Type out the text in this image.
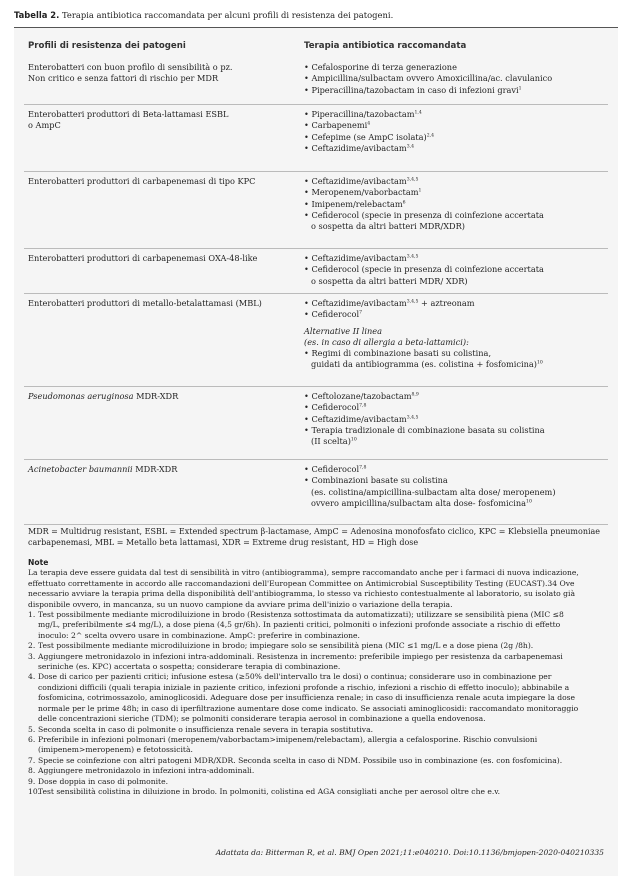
Tabella 2. Terapia antibiotica raccomandata per alcuni profili di resistenza dei patogeni.
Profili di resistenza dei patogeni	Terapia antibiotica raccomandata
Enterobatteri con buon profilo di sensibilità o pz.
Non critico e senza fattori di rischio per MDR
• Cefalosporine di terza generazione
• Ampicillina/sulbactam ovvero Amoxicillina/ac. clavulanico
• Piperacillina/tazobactam in caso di infezioni gravi$^1$
Enterobatteri produttori di Beta-lattamasi ESBL
o AmpC
• Piperacillina/tazobactam$^{1,4}$
• Carbapenemi$^4$
• Cefepime (se AmpC isolata)$^{2,4}$
• Ceftazidime/avibactam$^{3,4}$
Enterobatteri produttori di carbapenemasi di tipo KPC	• Ceftazidime/avibactam$^{3,4,5}$
• Meropenem/vaborbactam$^1$
• Imipenem/relebactam$^6$
• Cefiderocol (specie in presenza di coinfezione accertata
o sospetta da altri batteri MDR/XDR)
Enterobatteri produttori di carbapenemasi OXA-48-like	• Ceftazidime/avibactam$^{3,4,5}$
• Cefiderocol (specie in presenza di coinfezione accertata
o sospetta da altri batteri MDR/ XDR)
Enterobatteri produttori di metallo-betalattamasi (MBL)	• Ceftazidime/avibactam$^{3,4,5}$ + aztreonam
• Cefiderocol$^7$
Alternative II linea
(es. in caso di allergia a beta-lattamici):
• Regimi di combinazione basati su colistina,
guidati da antibiogramma (es. colistina + fosfomicina)$^{10}$
Pseudomonas aeruginosa MDR-XDR	• Ceftolozane/tazobactam$^{8,9}$
• Cefiderocol$^{7,8}$
• Ceftazidime/avibactam$^{3,4,5}$
• Terapia tradizionale di combinazione basata su colistina
(II scelta)$^{10}$
Acinetobacter baumannii MDR-XDR	• Cefiderocol$^{7,8}$
• Combinazioni basate su colistina
(es. colistina/ampicillina-sulbactam alta dose/ meropenem)
ovvero ampicillina/sulbactam alta dose- fosfomicina$^{10}$
MDR = Multidrug resistant, ESBL = Extended spectrum β-lactamase, AmpC = Adenosina monofosfato ciclico, KPC = Klebsiella pneumoniae
carbapenemasi, MBL = Metallo beta lattamasi, XDR = Extreme drug resistant, HD = High dose
Note
La terapia deve essere guidata dal test di sensibilità in vitro (antibiogramma), sempre raccomandato anche per i farmaci di nuova indicazione,
effettuato correttamente in accordo alle raccomandazioni dell'European Committee on Antimicrobial Susceptibility Testing (EUCAST).34 Ove
necessario avviare la terapia prima della disponibilità dell'antibiogramma, lo stesso va richiesto contestualmente al laboratorio, su isolato già
disponibile ovvero, in mancanza, su un nuovo campione da avviare prima dell'inizio o variazione della terapia.
1. Test possibilmente mediante microdiluizione in brodo (Resistenza sottostimata da automatizzati); utilizzare se sensibilità piena (MIC ≤8
mg/L, preferibilmente ≤4 mg/L), a dose piena (4,5 gr/6h). In pazienti critici, polmoniti o infezioni profonde associate a rischio di effetto
inoculo: 2^ scelta ovvero usare in combinazione. AmpC: preferire in combinazione.
2. Test possibilmente mediante microdiluizione in brodo; impiegare solo se sensibilità piena (MIC ≤1 mg/L e a dose piena (2g /8h).
3. Aggiungere metronidazolo in infezioni intra-addominali. Resistenza in incremento: preferibile impiego per resistenza da carbapenemasi
seriniche (es. KPC) accertata o sospetta; considerare terapia di combinazione.
4. Dose di carico per pazienti critici; infusione estesa (≥50% dell'intervallo tra le dosi) o continua; considerare uso in combinazione per
condizioni difficili (quali terapia iniziale in paziente critico, infezioni profonde a rischio, infezioni a rischio di effetto inoculo); abbinabile a
fosfomicina, cotrimossazolo, aminoglicosidi. Adeguare dose per insufficienza renale; in caso di insufficienza renale acuta impiegare la dose
normale per le prime 48h; in caso di iperfiltrazione aumentare dose come indicato. Se associati aminoglicosidi: raccomandato monitoraggio
delle concentrazioni sieriche (TDM); se polmoniti considerare terapia aerosol in combinazione a quella endovenosa.
5. Seconda scelta in caso di polmonite o insufficienza renale severa in terapia sostitutiva.
6. Preferibile in infezioni polmonari (meropenem/vaborbactam>imipenem/relebactam), allergia a cefalosporine. Rischio convulsioni
(imipenem>meropenem) e fetotossicità.
7. Specie se coinfezione con altri patogeni MDR/XDR. Seconda scelta in caso di NDM. Possibile uso in combinazione (es. con fosfomicina).
8. Aggiungere metronidazolo in infezioni intra-addominali.
9. Dose doppia in caso di polmonite.
10.
Test sensibilità colistina in diluizione in brodo. In polmoniti, colistina ed AGA consigliati anche per aerosol oltre che e.v.
Adattata da: Bitterman R, et al. BMJ Open 2021;11:e040210. Doi:10.1136/bmjopen-2020-040210335
